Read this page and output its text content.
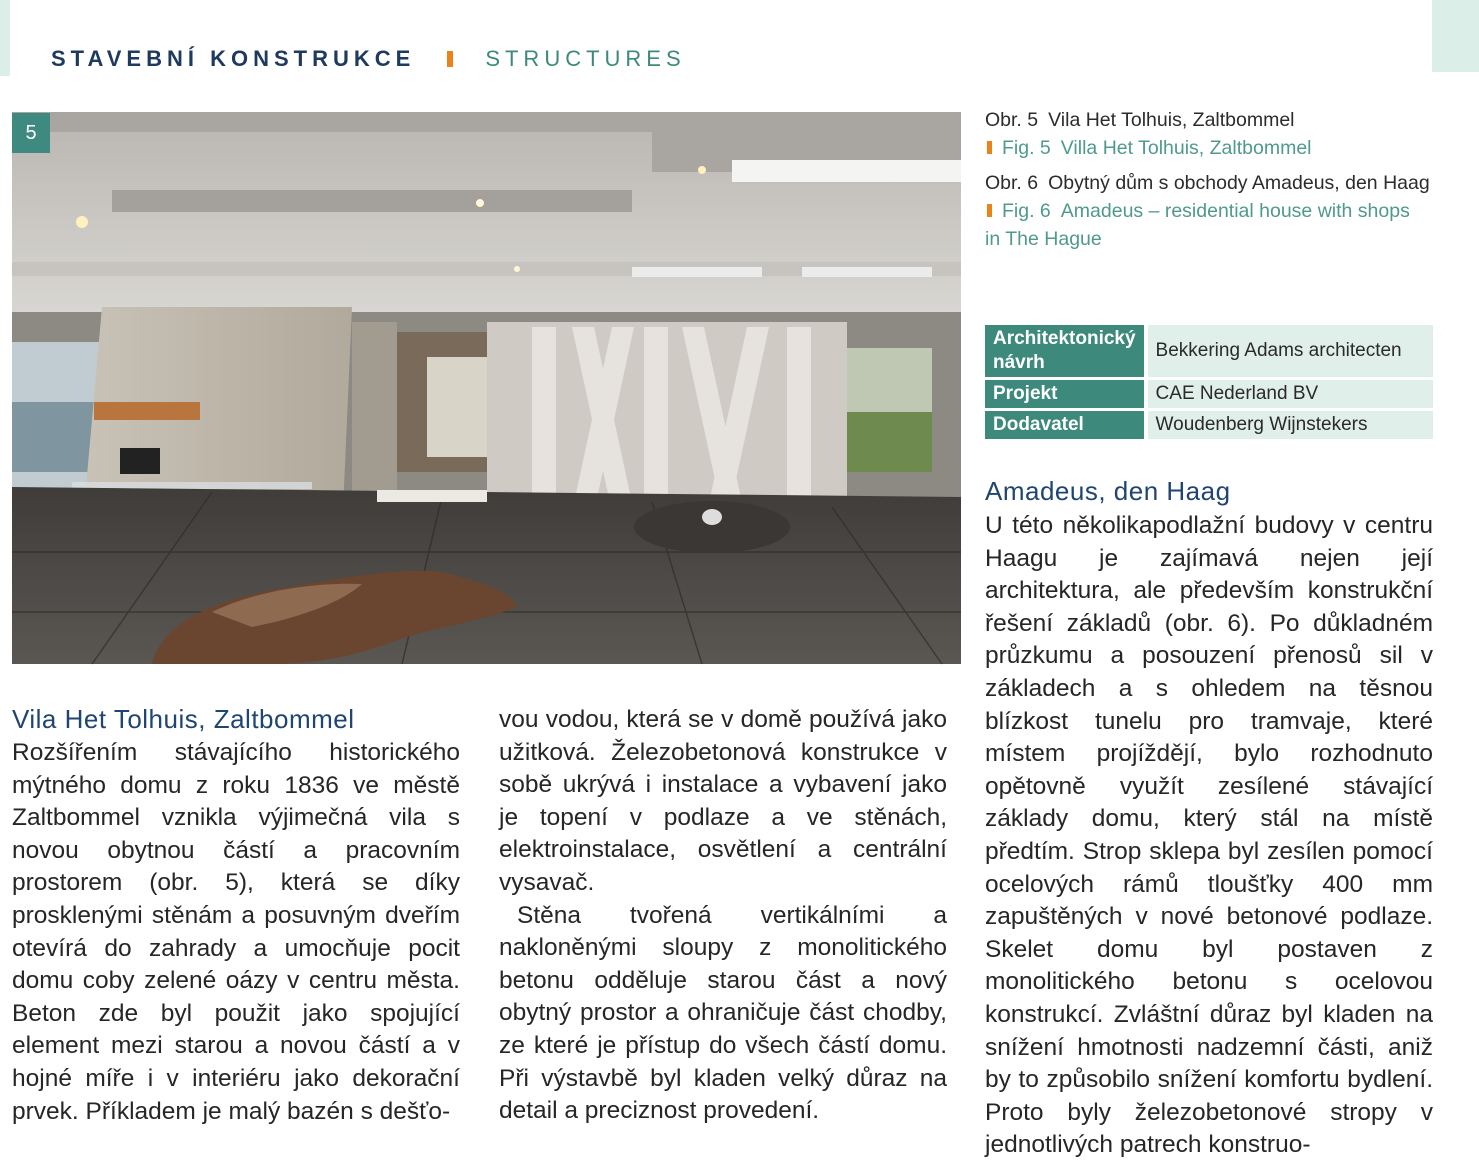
STAVEBNÍ KONSTRUKCE	STRUCTURES
5

Obr. 5 Vila Het Tolhuis, Zaltbommel
Fig. 5 Villa Het Tolhuis, Zaltbommel

Obr. 6 Obytný dům s obchody Amadeus, den Haag Fig. 6 Amadeus – residential house with shops in The Hague

Architektonický návrh	Bekkering Adams architecten
Projekt	CAE Nederland BV
Dodavatel	Woudenberg Wijnstekers
Amadeus, den Haag

U této několikapodlažní budovy v centru Haagu je zajímavá nejen její architektura, ale především konstrukční řešení základů (obr. 6). Po důkladném průzkumu a posouzení přenosů sil v základech a s ohledem na těsnou blízkost tunelu pro tramvaje, které místem projíždějí, bylo rozhodnuto opětovně využít zesílené stávající základy domu, který stál na místě předtím. Strop sklepa byl zesílen pomocí ocelových rámů tloušťky 400 mm zapuštěných v nové betonové podlaze. Skelet domu byl postaven z monolitického betonu s ocelovou konstrukcí. Zvláštní důraz byl kladen na snížení hmotnosti nadzemní části, aniž by to způsobilo snížení komfortu bydlení. Proto byly železobetonové stropy v jednotlivých patrech konstruo-

Vila Het Tolhuis, Zaltbommel

Rozšířením stávajícího historického mýtného domu z roku 1836 ve městě Zaltbommel vznikla výjimečná vila s novou obytnou částí a pracovním prostorem (obr. 5), která se díky prosklenými stěnám a posuvným dveřím otevírá do zahrady a umocňuje pocit domu coby zelené oázy v centru města. Beton zde byl použit jako spojující element mezi starou a novou částí a v hojné míře i v interiéru jako dekorační prvek. Příkladem je malý bazén s dešťo-

vou vodou, která se v domě používá jako užitková. Železobetonová konstrukce v sobě ukrývá i instalace a vybavení jako je topení v podlaze a ve stěnách, elektroinstalace, osvětlení a centrální vysavač.

Stěna tvořená vertikálními a nakloněnými sloupy z monolitického betonu odděluje starou část a nový obytný prostor a ohraničuje část chodby, ze které je přístup do všech částí domu. Při výstavbě byl kladen velký důraz na detail a preciznost provedení.
